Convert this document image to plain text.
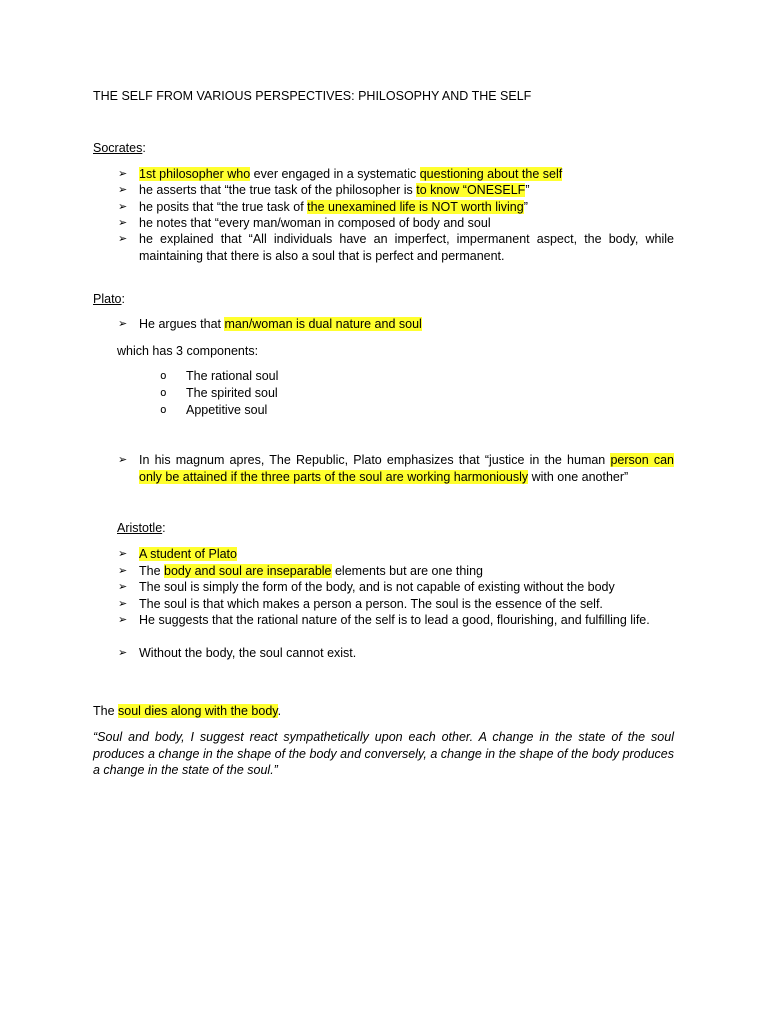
THE SELF FROM VARIOUS PERSPECTIVES: PHILOSOPHY AND THE SELF
Socrates:
➢ 1st philosopher who ever engaged in a systematic questioning about the self
➢ he asserts that “the true task of the philosopher is to know “ONESELF”
➢ he posits that “the true task of the unexamined life is NOT worth living”
➢ he notes that “every man/woman in composed of body and soul
➢ he explained that “All individuals have an imperfect, impermanent aspect, the body, while maintaining that there is also a soul that is perfect and permanent.
Plato:
➢ He argues that man/woman is dual nature and soul
which has 3 components:
o The rational soul
o The spirited soul
o Appetitive soul
➢ In his magnum apres, The Republic, Plato emphasizes that “justice in the human person can only be attained if the three parts of the soul are working harmoniously with one another”
Aristotle:
➢ A student of Plato
➢ The body and soul are inseparable elements but are one thing
➢ The soul is simply the form of the body, and is not capable of existing without the body
➢ The soul is that which makes a person a person. The soul is the essence of the self.
➢ He suggests that the rational nature of the self is to lead a good, flourishing, and fulfilling life.
➢ Without the body, the soul cannot exist.
The soul dies along with the body.
“Soul and body, I suggest react sympathetically upon each other. A change in the state of the soul produces a change in the shape of the body and conversely, a change in the shape of the body produces a change in the state of the soul.”
